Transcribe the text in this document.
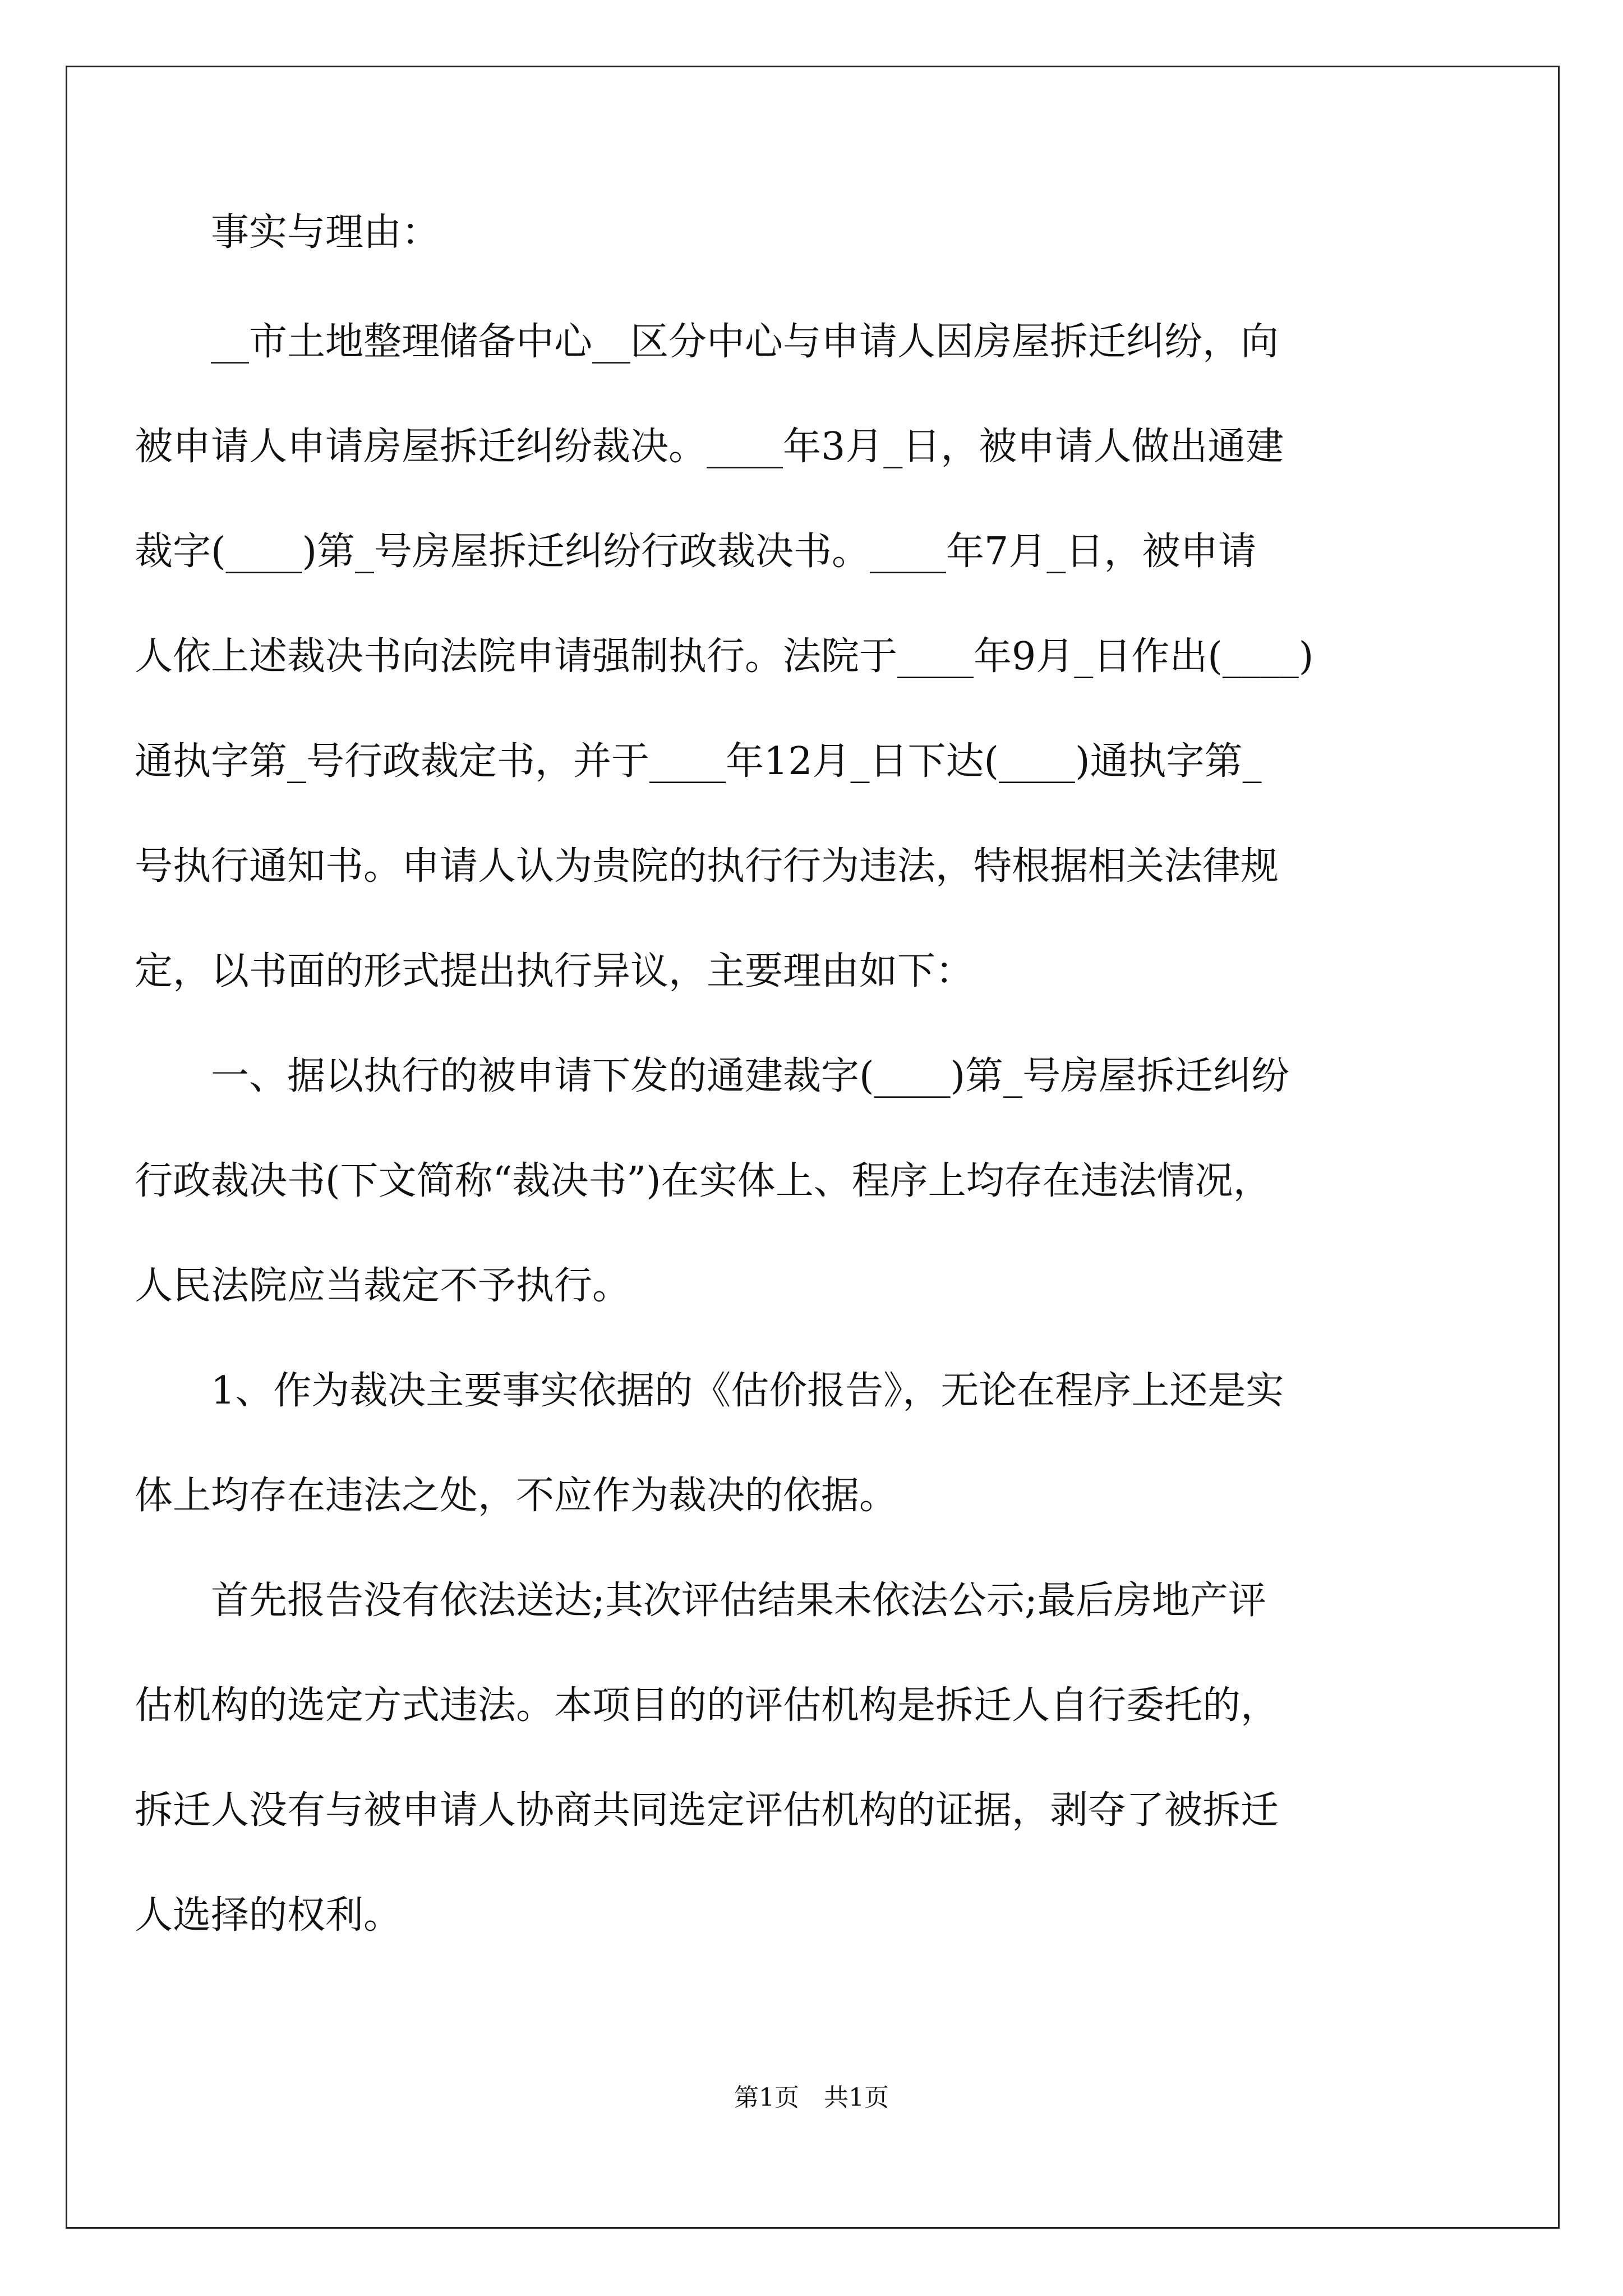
　　事实与理由：
　　__市土地整理储备中心__区分中心与申请人因房屋拆迁纠纷，向
被申请人申请房屋拆迁纠纷裁决。____年3月_日，被申请人做出通建
裁字(____)第_号房屋拆迁纠纷行政裁决书。____年7月_日，被申请
人依上述裁决书向法院申请强制执行。法院于____年9月_日作出(____)
通执字第_号行政裁定书，并于____年12月_日下达(____)通执字第_
号执行通知书。申请人认为贵院的执行行为违法，特根据相关法律规
定，以书面的形式提出执行异议，主要理由如下：
　　一、据以执行的被申请下发的通建裁字(____)第_号房屋拆迁纠纷
行政裁决书(下文简称“裁决书”)在实体上、程序上均存在违法情况，
人民法院应当裁定不予执行。
　　1、作为裁决主要事实依据的《估价报告》，无论在程序上还是实
体上均存在违法之处，不应作为裁决的依据。
　　首先报告没有依法送达;其次评估结果未依法公示;最后房地产评
估机构的选定方式违法。本项目的的评估机构是拆迁人自行委托的，
拆迁人没有与被申请人协商共同选定评估机构的证据，剥夺了被拆迁
人选择的权利。
第1页　共1页
